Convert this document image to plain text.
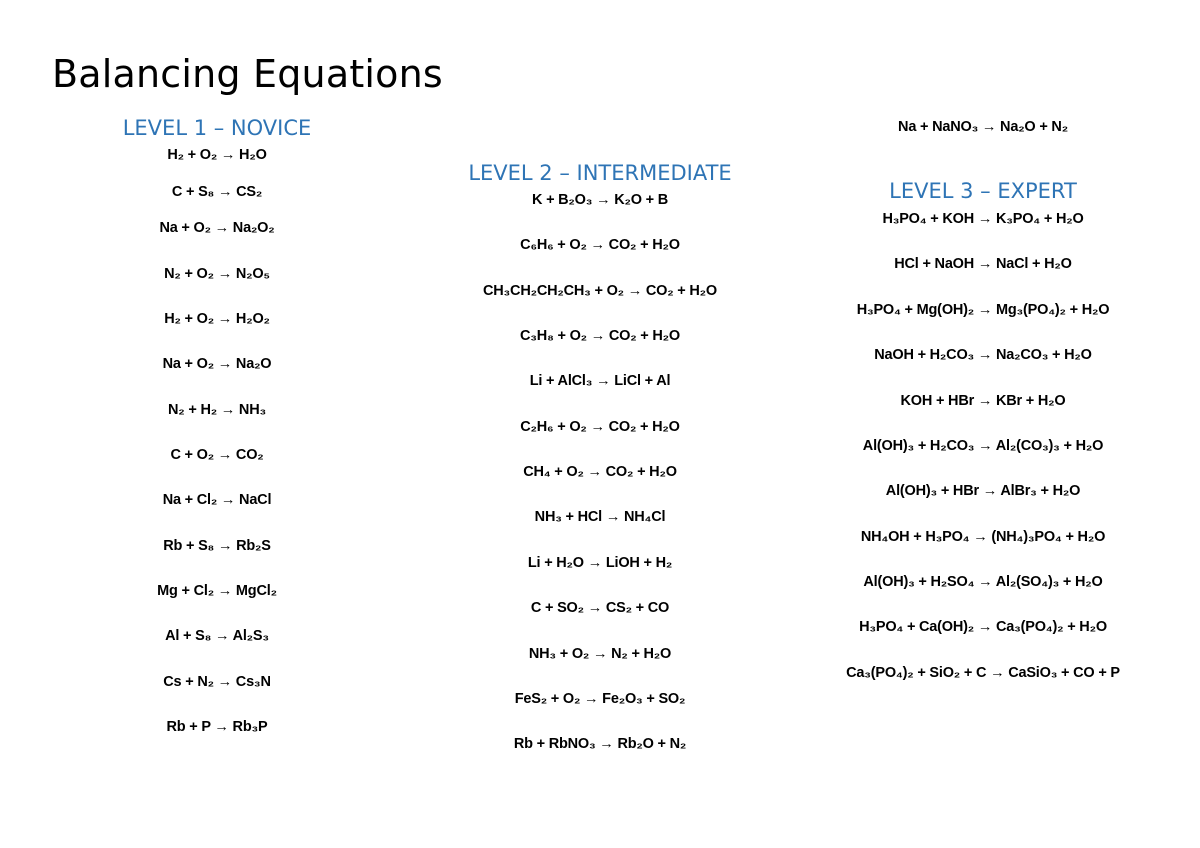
Balancing Equations
LEVEL 1 – NOVICE
H₂ + O₂ → H₂O
C + S₈ → CS₂
Na + O₂ → Na₂O₂
N₂ + O₂ → N₂O₅
H₂ + O₂ → H₂O₂
Na + O₂ → Na₂O
N₂ + H₂ → NH₃
C + O₂ → CO₂
Na + Cl₂ → NaCl
Rb + S₈ → Rb₂S
Mg + Cl₂ → MgCl₂
Al + S₈ → Al₂S₃
Cs + N₂ → Cs₃N
Rb + P → Rb₃P
LEVEL 2 – INTERMEDIATE
K + B₂O₃ → K₂O + B
C₆H₆ + O₂ → CO₂ + H₂O
CH₃CH₂CH₂CH₃ + O₂ → CO₂ + H₂O
C₃H₈ + O₂ → CO₂ + H₂O
Li + AlCl₃ → LiCl + Al
C₂H₆ + O₂ → CO₂ + H₂O
CH₄ + O₂ → CO₂ + H₂O
NH₃ + HCl → NH₄Cl
Li + H₂O → LiOH + H₂
C + SO₂ → CS₂ + CO
NH₃ + O₂ → N₂ + H₂O
FeS₂ + O₂ → Fe₂O₃ + SO₂
Rb + RbNO₃ → Rb₂O + N₂
Na + NaNO₃ → Na₂O + N₂
LEVEL 3 – EXPERT
H₃PO₄ + KOH → K₃PO₄ + H₂O
HCl + NaOH → NaCl + H₂O
H₃PO₄ + Mg(OH)₂ → Mg₃(PO₄)₂ + H₂O
NaOH + H₂CO₃ → Na₂CO₃ + H₂O
KOH + HBr → KBr + H₂O
Al(OH)₃ + H₂CO₃ → Al₂(CO₃)₃ + H₂O
Al(OH)₃ + HBr → AlBr₃ + H₂O
NH₄OH + H₃PO₄ → (NH₄)₃PO₄ + H₂O
Al(OH)₃ + H₂SO₄ → Al₂(SO₄)₃ + H₂O
H₃PO₄ + Ca(OH)₂ → Ca₃(PO₄)₂ + H₂O
Ca₃(PO₄)₂ + SiO₂ + C → CaSiO₃ + CO + P
